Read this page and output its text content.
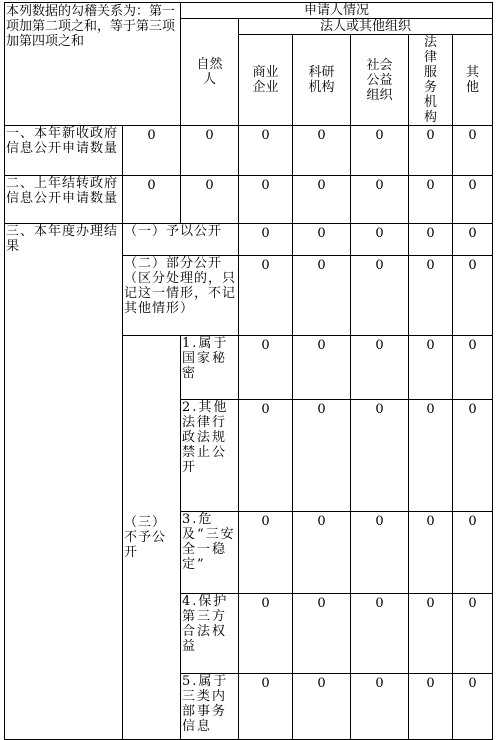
本列数据的勾稽关系为：第一项加第二项之和，等于第三项加第四项之和		申请人情况						
		自然人	法人或其他组织					
			商业企业	科研机构	社会公益组织	法律服务机构	其他	
一、本年新收政府信息公开申请数量	0	0	0	0	0	0	0	
二、上年结转政府信息公开申请数量	0	0	0	0	0	0	0	
三、本年度办理结果	（一）予以公开		0	0	0	0	0	
	（二）部分公开（区分处理的，只记这一情形，不记其他情形）		0	0	0	0	0	
	（三）不予公开	1.属于国家秘密	0	0	0	0	0	
		2.其他法律行政法规禁止公开	0	0	0	0	0	
		3.危及“三安全一稳定”	0	0	0	0	0	
		4.保护第三方合法权益	0	0	0	0	0	
		5.属于三类内部事务信息	0	0	0	0	0	
